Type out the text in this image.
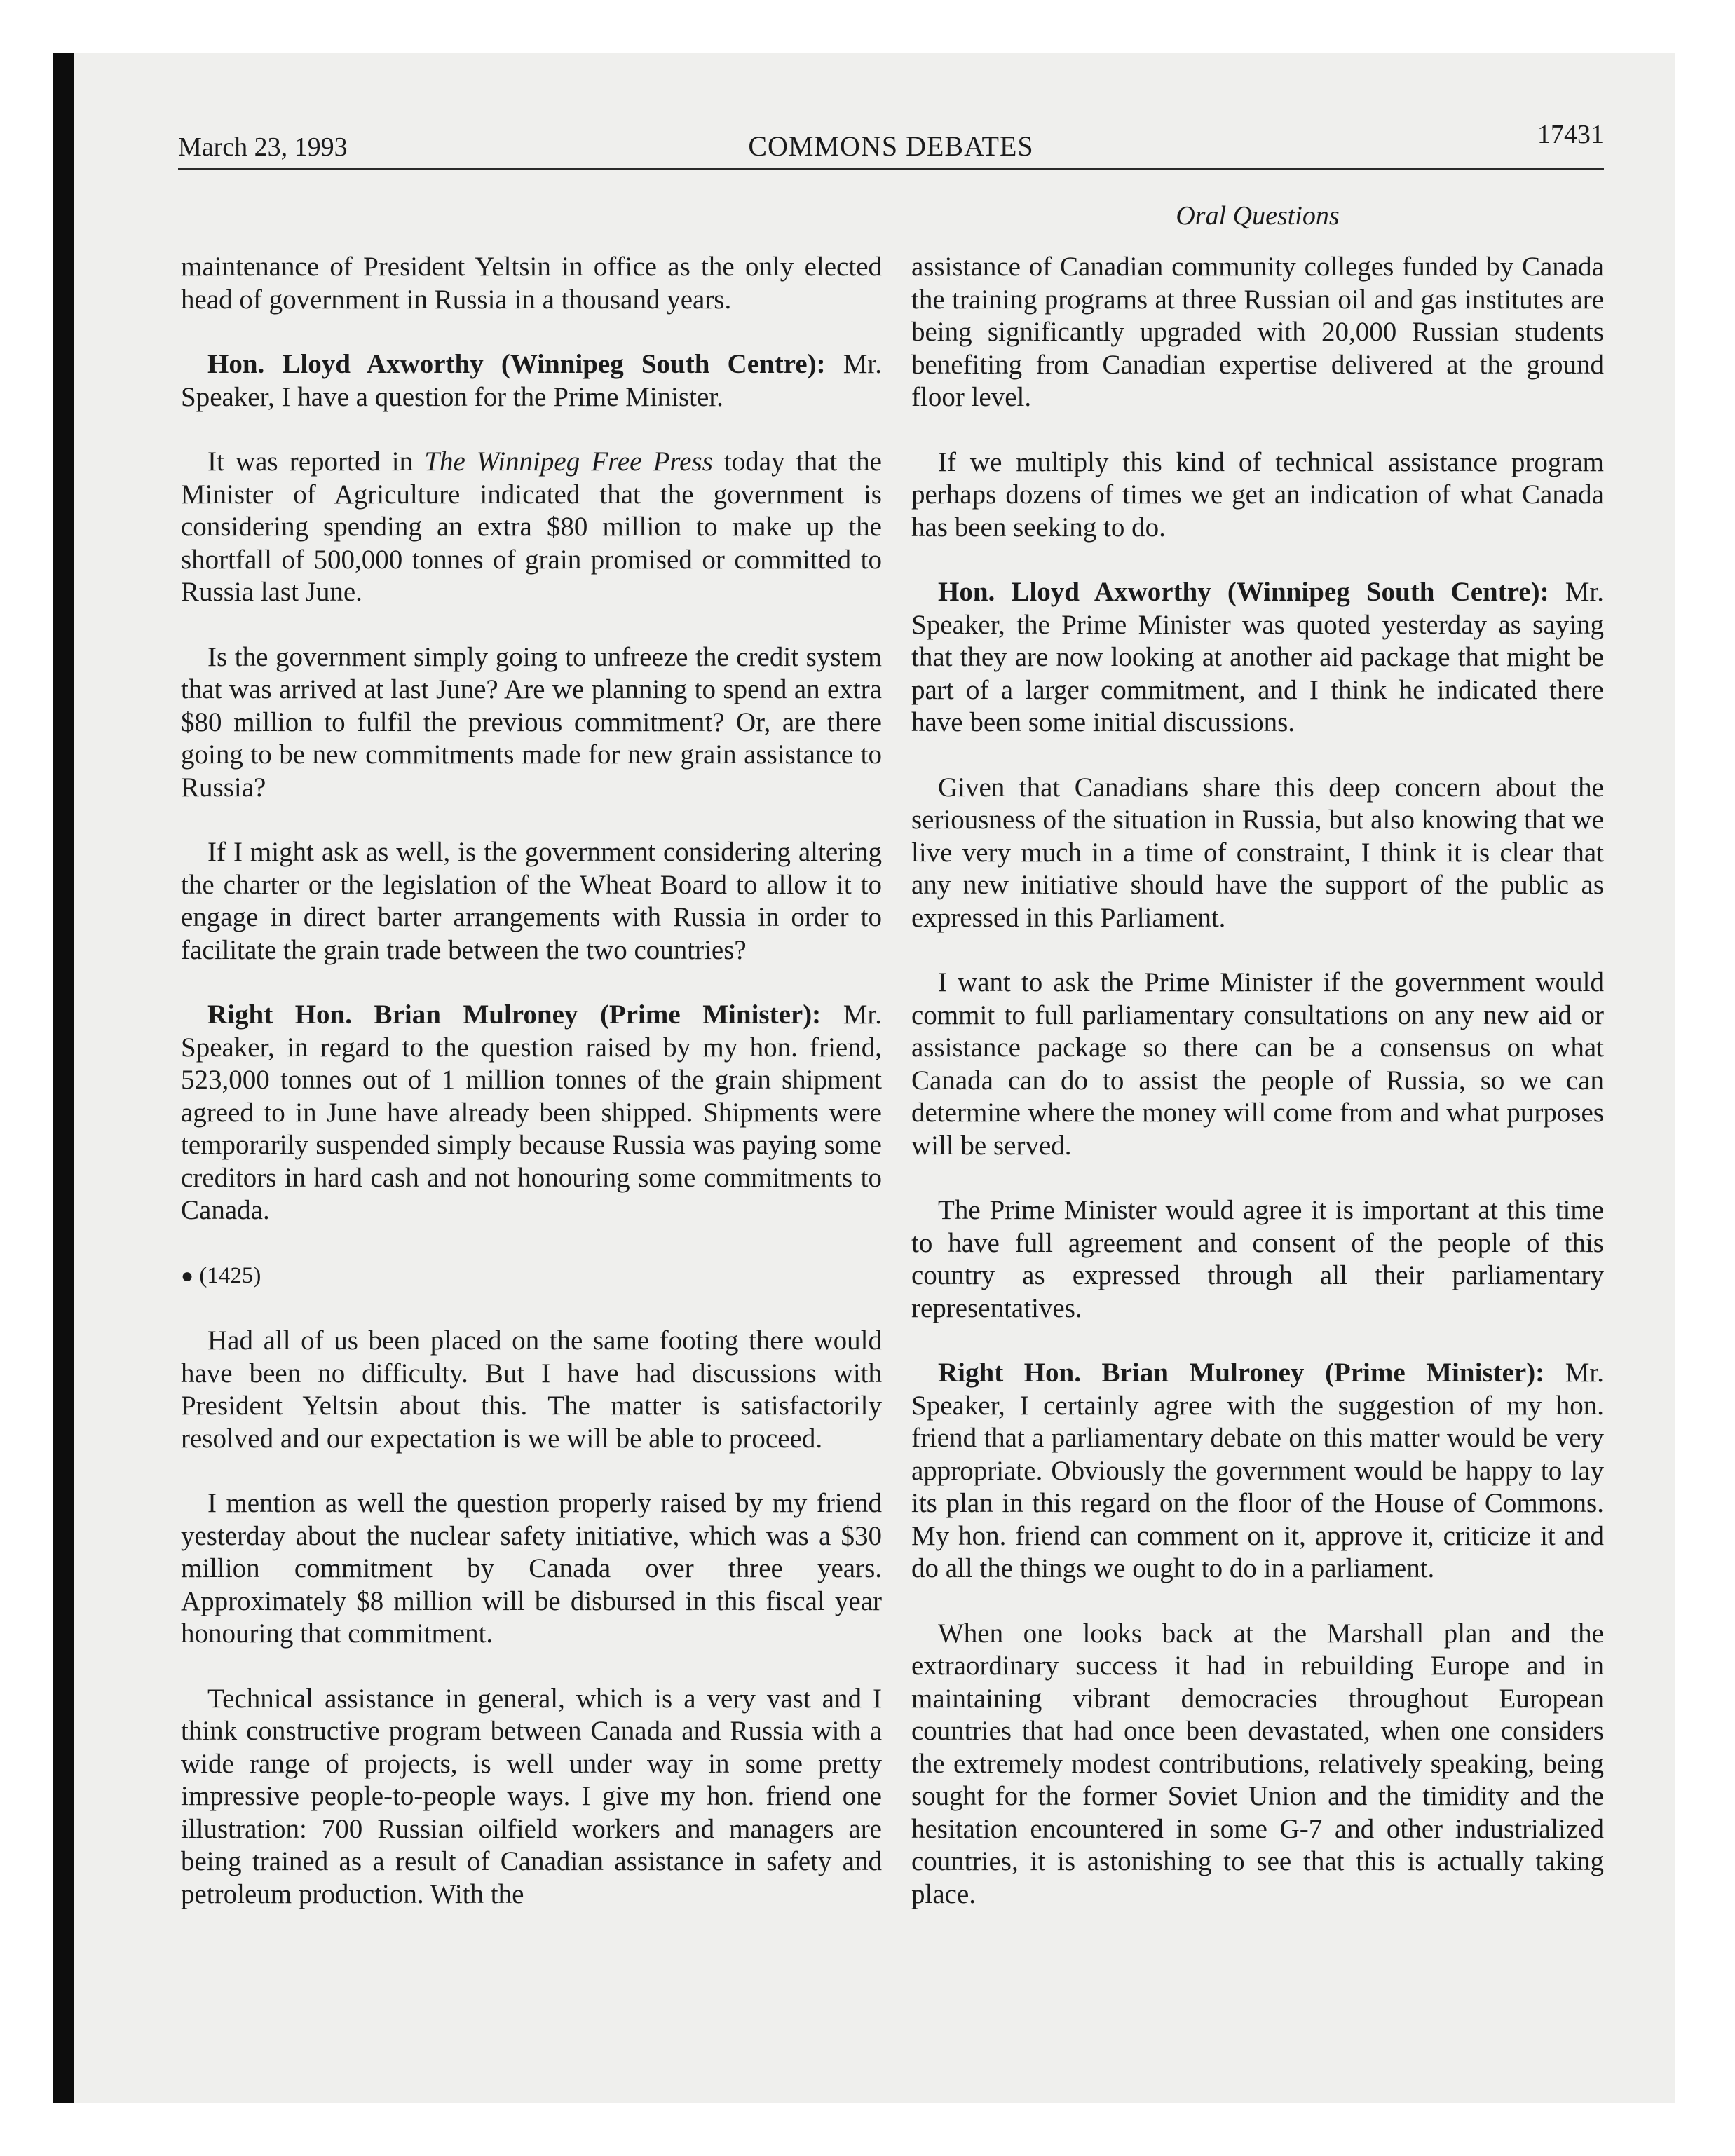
March 23, 1993	COMMONS DEBATES	17431
Oral Questions

maintenance of President Yeltsin in office as the only elected head of government in Russia in a thousand years.

Hon. Lloyd Axworthy (Winnipeg South Centre): Mr. Speaker, I have a question for the Prime Minister.

It was reported in The Winnipeg Free Press today that the Minister of Agriculture indicated that the government is considering spending an extra $80 million to make up the shortfall of 500,000 tonnes of grain promised or committed to Russia last June.

Is the government simply going to unfreeze the credit system that was arrived at last June? Are we planning to spend an extra $80 million to fulfil the previous commitment? Or, are there going to be new commitments made for new grain assistance to Russia?

If I might ask as well, is the government considering altering the charter or the legislation of the Wheat Board to allow it to engage in direct barter arrangements with Russia in order to facilitate the grain trade between the two countries?

Right Hon. Brian Mulroney (Prime Minister): Mr. Speaker, in regard to the question raised by my hon. friend, 523,000 tonnes out of 1 million tonnes of the grain shipment agreed to in June have already been shipped. Shipments were temporarily suspended simply because Russia was paying some creditors in hard cash and not honouring some commitments to Canada.

● (1425)

Had all of us been placed on the same footing there would have been no difficulty. But I have had discussions with President Yeltsin about this. The matter is satisfactorily resolved and our expectation is we will be able to proceed.

I mention as well the question properly raised by my friend yesterday about the nuclear safety initiative, which was a $30 million commitment by Canada over three years. Approximately $8 million will be disbursed in this fiscal year honouring that commitment.

Technical assistance in general, which is a very vast and I think constructive program between Canada and Russia with a wide range of projects, is well under way in some pretty impressive people-to-people ways. I give my hon. friend one illustration: 700 Russian oilfield workers and managers are being trained as a result of Canadian assistance in safety and petroleum production. With the

assistance of Canadian community colleges funded by Canada the training programs at three Russian oil and gas institutes are being significantly upgraded with 20,000 Russian students benefiting from Canadian expertise delivered at the ground floor level.

If we multiply this kind of technical assistance program perhaps dozens of times we get an indication of what Canada has been seeking to do.

Hon. Lloyd Axworthy (Winnipeg South Centre): Mr. Speaker, the Prime Minister was quoted yesterday as saying that they are now looking at another aid package that might be part of a larger commitment, and I think he indicated there have been some initial discussions.

Given that Canadians share this deep concern about the seriousness of the situation in Russia, but also knowing that we live very much in a time of constraint, I think it is clear that any new initiative should have the support of the public as expressed in this Parliament.

I want to ask the Prime Minister if the government would commit to full parliamentary consultations on any new aid or assistance package so there can be a consensus on what Canada can do to assist the people of Russia, so we can determine where the money will come from and what purposes will be served.

The Prime Minister would agree it is important at this time to have full agreement and consent of the people of this country as expressed through all their parliamentary representatives.

Right Hon. Brian Mulroney (Prime Minister): Mr. Speaker, I certainly agree with the suggestion of my hon. friend that a parliamentary debate on this matter would be very appropriate. Obviously the government would be happy to lay its plan in this regard on the floor of the House of Commons. My hon. friend can comment on it, approve it, criticize it and do all the things we ought to do in a parliament.

When one looks back at the Marshall plan and the extraordinary success it had in rebuilding Europe and in maintaining vibrant democracies throughout European countries that had once been devastated, when one considers the extremely modest contributions, relatively speaking, being sought for the former Soviet Union and the timidity and the hesitation encountered in some G-7 and other industrialized countries, it is astonishing to see that this is actually taking place.
